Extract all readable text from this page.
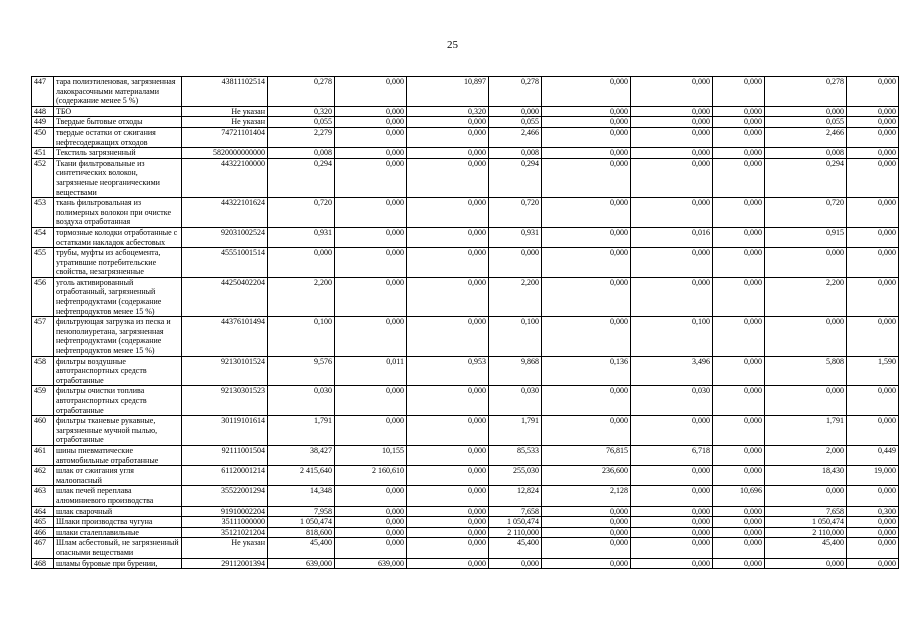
25
447	тара полиэтиленовая, загрязненная лакокрасочными материалами (содержание менее 5 %)	43811102514	0,278	0,000	10,897	0,278	0,000	0,000	0,000	0,278	0,000
448	ТБО	Не указан	0,320	0,000	0,320	0,000	0,000	0,000	0,000	0,000	0,000
449	Твердые бытовые отходы	Не указан	0,055	0,000	0,000	0,055	0,000	0,000	0,000	0,055	0,000
450	твердые остатки от сжигания нефтесодержащих отходов	74721101404	2,279	0,000	0,000	2,466	0,000	0,000	0,000	2,466	0,000
451	Текстиль загрязненный	5820000000000	0,008	0,000	0,000	0,008	0,000	0,000	0,000	0,008	0,000
452	Ткани фильтровальные из синтетических волокон, загрязненые неорганическими веществами	44322100000	0,294	0,000	0,000	0,294	0,000	0,000	0,000	0,294	0,000
453	ткань фильтровальная из полимерных волокон при очистке воздуха отработанная	44322101624	0,720	0,000	0,000	0,720	0,000	0,000	0,000	0,720	0,000
454	тормозные колодки отработанные с остатками накладок асбестовых	92031002524	0,931	0,000	0,000	0,931	0,000	0,016	0,000	0,915	0,000
455	трубы, муфты из асбоцемента, утратившие потребительские свойства, незагрязненные	45551001514	0,000	0,000	0,000	0,000	0,000	0,000	0,000	0,000	0,000
456	уголь активированный отработанный, загрязненный нефтепродуктами (содержание нефтепродуктов менее 15 %)	44250402204	2,200	0,000	0,000	2,200	0,000	0,000	0,000	2,200	0,000
457	фильтрующая загрузка из песка и пенополиуретана, загрязненная нефтепродуктами (содержание нефтепродуктов менее 15 %)	44376101494	0,100	0,000	0,000	0,100	0,000	0,100	0,000	0,000	0,000
458	фильтры воздушные автотранспортных средств отработанные	92130101524	9,576	0,011	0,953	9,868	0,136	3,496	0,000	5,808	1,590
459	фильтры очистки топлива автотранспортных средств отработанные	92130301523	0,030	0,000	0,000	0,030	0,000	0,030	0,000	0,000	0,000
460	фильтры тканевые рукавные, загрязненные мучной пылью, отработанные	30119101614	1,791	0,000	0,000	1,791	0,000	0,000	0,000	1,791	0,000
461	шины пневматические автомобильные отработанные	92111001504	38,427	10,155	0,000	85,533	76,815	6,718	0,000	2,000	0,449
462	шлак от сжигания угля малоопасный	61120001214	2 415,640	2 160,610	0,000	255,030	236,600	0,000	0,000	18,430	19,000
463	шлак печей переплава алюминиевого производства	35522001294	14,348	0,000	0,000	12,824	2,128	0,000	10,696	0,000	0,000
464	шлак сварочный	91910002204	7,958	0,000	0,000	7,658	0,000	0,000	0,000	7,658	0,300
465	Шлаки производства чугуна	35111000000	1 050,474	0,000	0,000	1 050,474	0,000	0,000	0,000	1 050,474	0,000
466	шлаки сталеплавильные	35121021204	818,600	0,000	0,000	2 110,000	0,000	0,000	0,000	2 110,000	0,000
467	Шлам асбестовый, не загрязненный опасными веществами	Не указан	45,400	0,000	0,000	45,400	0,000	0,000	0,000	45,400	0,000
468	шламы буровые при бурении,	29112001394	639,000	639,000	0,000	0,000	0,000	0,000	0,000	0,000	0,000
